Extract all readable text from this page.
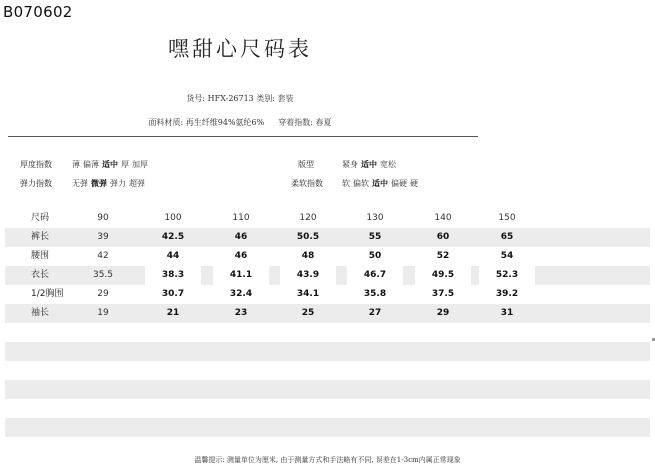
B070602
嘿甜心尺码表
货号: HFX-26713 类别: 套装
面料材质: 再生纤维94%氨纶6% 穿着指数: 春夏
厚度指数	薄 偏薄 适中 厚 加厚
弹力指数	无弹 微弹 弹力 超弹
版型	紧身 适中 宽松
柔软指数 软 偏软 适中 偏硬 硬
尺码	90	100	110	120	130	140	150
裤长	39	42.5	46	50.5	55	60	65
腰围	42	44	46	48	50	52	54
衣长	35.5	38.3	41.1	43.9	46.7	49.5	52.3
1/2胸围	29	30.7	32.4	34.1	35.8	37.5	39.2
袖长	19	21	23	25	27	29	31
温馨提示: 测量单位为厘米, 由于测量方式和手法略有不同, 误差在1-3cm内属正常现象
